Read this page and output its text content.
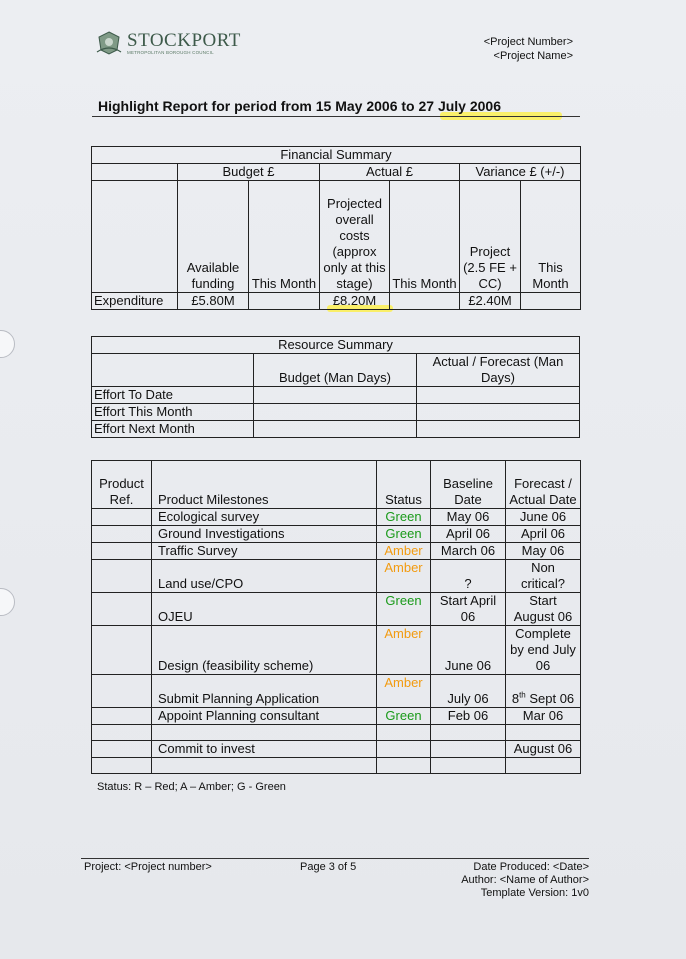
STOCKPORT
METROPOLITAN BOROUGH COUNCIL
<Project Number>
<Project Name>
Highlight Report for period from 15 May 2006 to 27 July 2006
Financial Summary						
	Budget £		Actual £		Variance £ (+/-)	
	Available funding	This Month	Projected overall costs (approx only at this stage)	This Month	Project (2.5 FE + CC)	This Month
Expenditure	£5.80M		£8.20M		£2.40M	
Resource Summary		
	Budget (Man Days)	Actual / Forecast (Man Days)
Effort To Date		
Effort This Month		
Effort Next Month		
Product Ref.	Product Milestones	Status	Baseline Date	Forecast / Actual Date
	Ecological survey	Green	May 06	June 06
	Ground Investigations	Green	April 06	April 06
	Traffic Survey	Amber	March 06	May 06
	Land use/CPO	Amber	?	Non critical?
	OJEU	Green	Start April 06	Start August 06
	Design (feasibility scheme)	Amber	June 06	Complete by end July 06
	Submit Planning Application	Amber	July 06	8th Sept 06
	Appoint Planning consultant	Green	Feb 06	Mar 06

	Commit to invest			August 06

Status: R – Red; A – Amber; G - Green
Project: <Project number>	Page 3 of 5	Date Produced: <Date>
Author: <Name of Author>
Template Version: 1v0
